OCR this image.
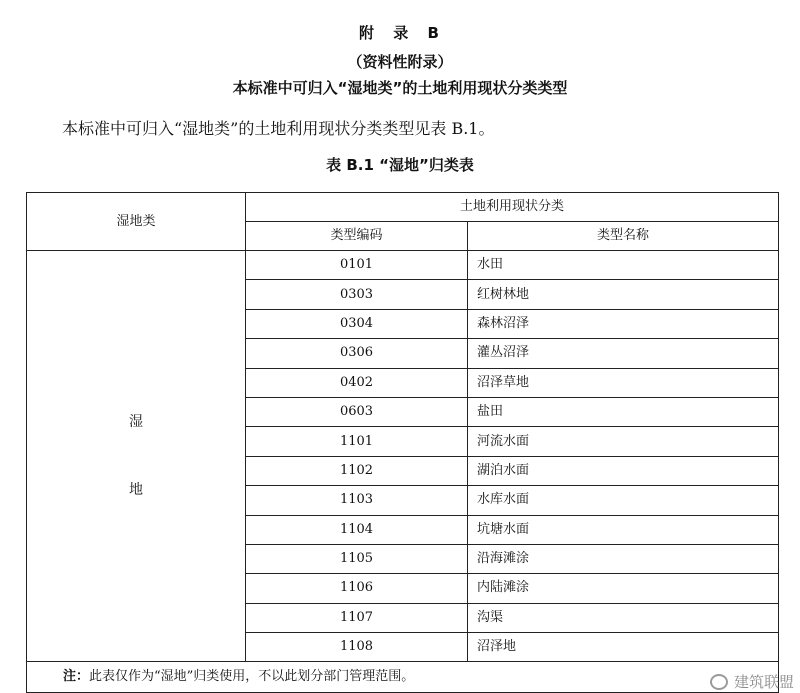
附 录 B
（资料性附录）
本标准中可归入“湿地类”的土地利用现状分类类型
本标准中可归入“湿地类”的土地利用现状分类类型见表 B.1。
表 B.1 “湿地”归类表
湿地类	土地利用现状分类	
	类型编码	类型名称

湿
地	0101	水田
	0303	红树林地
	0304	森林沼泽
	0306	灌丛沼泽
	0402	沼泽草地
	0603	盐田
	1101	河流水面
	1102	湖泊水面
	1103	水库水面
	1104	坑塘水面
	1105	沿海滩涂
	1106	内陆滩涂
	1107	沟渠
	1108	沼泽地
注：此表仅作为“湿地”归类使用，不以此划分部门管理范围。			建筑联盟
